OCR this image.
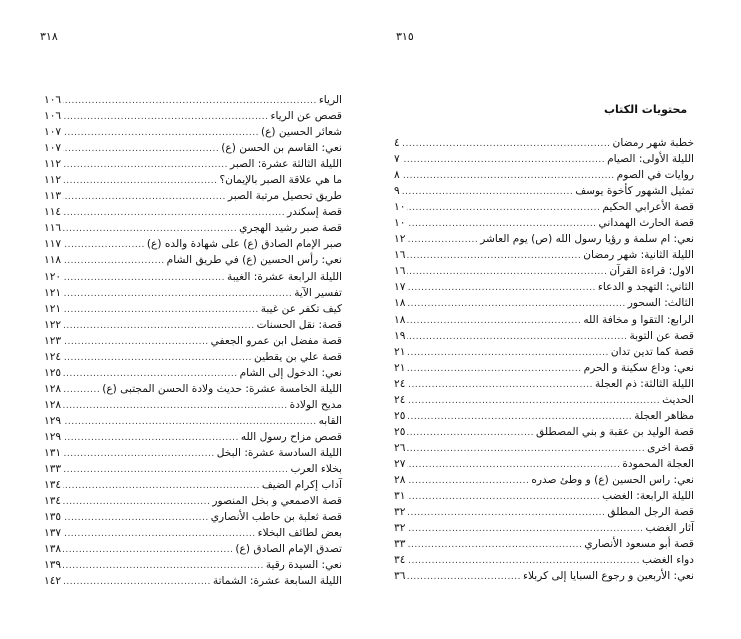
٣١٨	٣١٥
محتويات الكتاب
الرياء
.....
١٠٦
قصص عن الرياء
.....
١٠٦
شعائر الحسين (ع)
.....
١٠٧
نعي: القاسم بن الحسن (ع)
.....
١٠٧
الليلة الثالثة عشرة: الصبر
.....
١١٢
ما هي علاقة الصبر بالإيمان؟
.....
١١٢
طريق تحصيل مرتبة الصبر
.....
١١٣
قصة إسكندر
.....
١١٤
قصة صبر رشيد الهجري
.....
١١٦
صبر الإمام الصادق (ع) على شهادة والده (ع)
.....
١١٧
نعي: رأس الحسين (ع) في طريق الشام
.....
١١٨
الليلة الرابعة عشرة: الغيبة
.....
١٢٠
تفسير الآية
.....
١٢١
كيف تكفر عن غيبة
.....
١٢١
قصة: نقل الحسنات
.....
١٢٢
قصة مفضل ابن عمرو الجعفي
.....
١٢٣
قصة علي بن يقطين
.....
١٢٤
نعي: الدخول إلى الشام
.....
١٢٥
الليلة الخامسة عشرة: حديث ولادة الحسن المجتبى (ع)
.....
١٢٨
مديح الولادة
.....
١٢٨
القابه
.....
١٢٩
قصص مزاح رسول الله
.....
١٢٩
الليلة السادسة عشرة: البخل
.....
١٣١
بخلاء العرب
.....
١٣٣
آداب إكرام الضيف
.....
١٣٤
قصة الاصمعي و بخل المنصور
.....
١٣٤
قصة ثعلبة بن حاطب الأنصاري
.....
١٣٥
بعض لطائف البخلاء
.....
١٣٧
تصدق الإمام الصادق (ع)
.....
١٣٨
نعي: السيدة رقية
.....
١٣٩
الليلة السابعة عشرة: الشماتة
.....
١٤٢
خطبة شهر رمضان
.....
٤
الليلة الأولى: الصيام
.....
٧
روايات في الصوم
.....
٨
تمثيل الشهور كأخوة يوسف
.....
٩
قصة الأعرابي الحكيم
.....
١٠
قصة الحارث الهمداني
.....
١٠
نعي: ام سلمة و رؤيا رسول الله (ص) يوم العاشر
.....
١٢
الليلة الثانية: شهر رمضان
.....
١٦
الاول: قراءة القرآن
.....
١٦
الثاني: التهجد و الدعاء
.....
١٧
الثالث: السحور
.....
١٨
الرابع: التقوا و مخافة الله
.....
١٨
قصة عن التوبة
.....
١٩
قصة كما تدين تدان
.....
٢١
نعي: وداع سكينة و الحرم
.....
٢١
الليلة الثالثة: ذم العجلة
.....
٢٤
الحديث
.....
٢٤
مظاهر العجلة
.....
٢٥
قصة الوليد بن عقبة و بني المصطلق
.....
٢٥
قصة اخرى
.....
٢٦
العجلة المحمودة
.....
٢٧
نعي: راس الحسين (ع) و وطئ صدره
.....
٢٨
الليلة الرابعة: الغضب
.....
٣١
قصة الرجل المطلق
.....
٣٢
آثار الغضب
.....
٣٢
قصة أبو مسعود الأنصاري
.....
٣٣
دواء الغضب
.....
٣٤
نعي: الأربعين و رجوع السبايا إلى كربلاء
.....
٣٦
